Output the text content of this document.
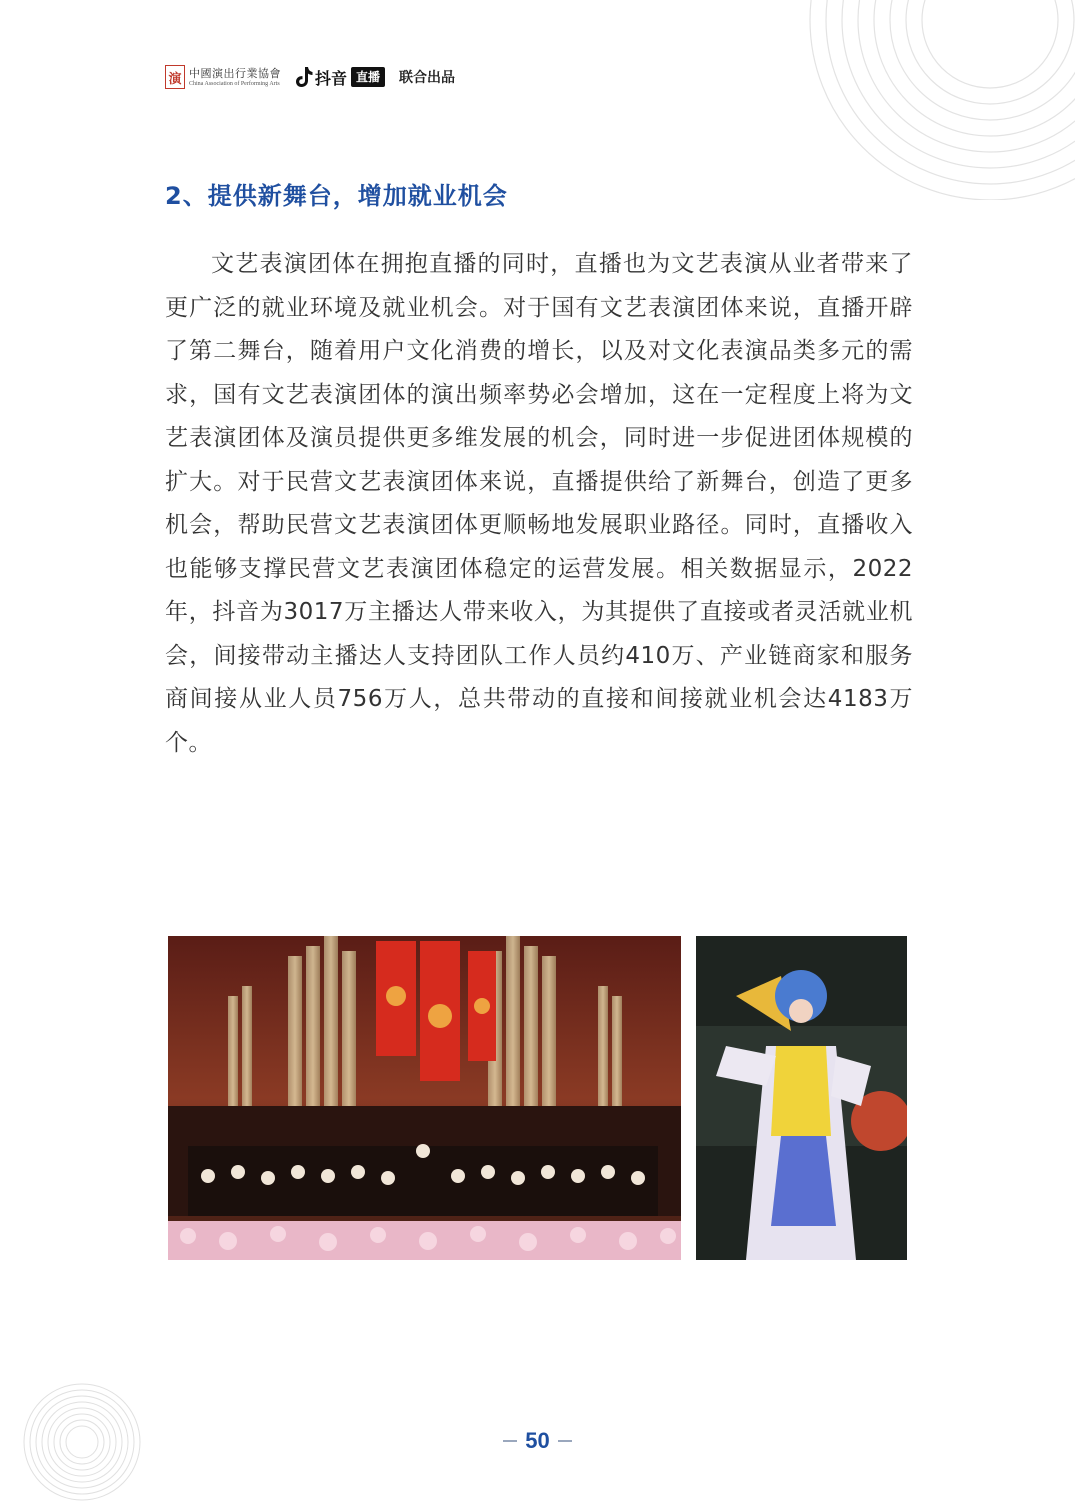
演 中國演出行業協會
China Association of Performing Arts 抖音 直播	联合出品
2、提供新舞台，增加就业机会

文艺表演团体在拥抱直播的同时，直播也为文艺表演从业者带来了更广泛的就业环境及就业机会。对于国有文艺表演团体来说，直播开辟了第二舞台，随着用户文化消费的增长，以及对文化表演品类多元的需求，国有文艺表演团体的演出频率势必会增加，这在一定程度上将为文艺表演团体及演员提供更多维发展的机会，同时进一步促进团体规模的扩大。对于民营文艺表演团体来说，直播提供给了新舞台，创造了更多机会，帮助民营文艺表演团体更顺畅地发展职业路径。同时，直播收入也能够支撑民营文艺表演团体稳定的运营发展。相关数据显示，2022年，抖音为3017万主播达人带来收入，为其提供了直接或者灵活就业机会，间接带动主播达人支持团队工作人员约410万、产业链商家和服务商间接从业人员756万人，总共带动的直接和间接就业机会达4183万个。

50
